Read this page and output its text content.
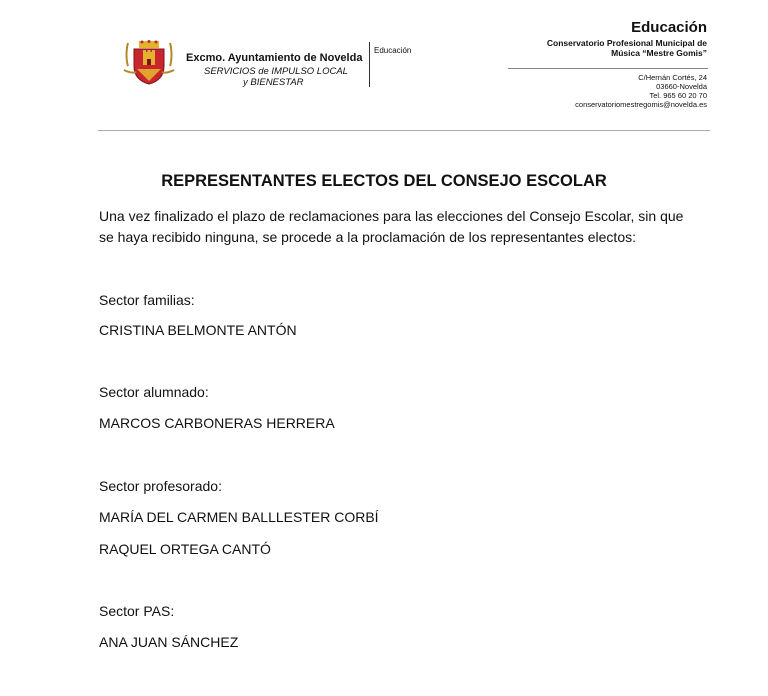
Excmo. Ayuntamiento de Novelda
SERVICIOS de IMPULSO LOCAL
y BIENESTAR
Educación
Educación
Conservatorio Profesional Municipal de
Música “Mestre Gomis”
C/Hernán Cortés, 24
03660-Novelda
Tel. 965 60 20 70
conservatoriomestregomis@novelda.es
REPRESENTANTES ELECTOS DEL CONSEJO ESCOLAR
Una vez finalizado el plazo de reclamaciones para las elecciones del Consejo Escolar, sin que
se haya recibido ninguna, se procede a la proclamación de los representantes electos:
Sector familias:
CRISTINA BELMONTE ANTÓN
Sector alumnado:
MARCOS CARBONERAS HERRERA
Sector profesorado:
MARÍA DEL CARMEN BALLLESTER CORBÍ
RAQUEL ORTEGA CANTÓ
Sector PAS:
ANA JUAN SÁNCHEZ
